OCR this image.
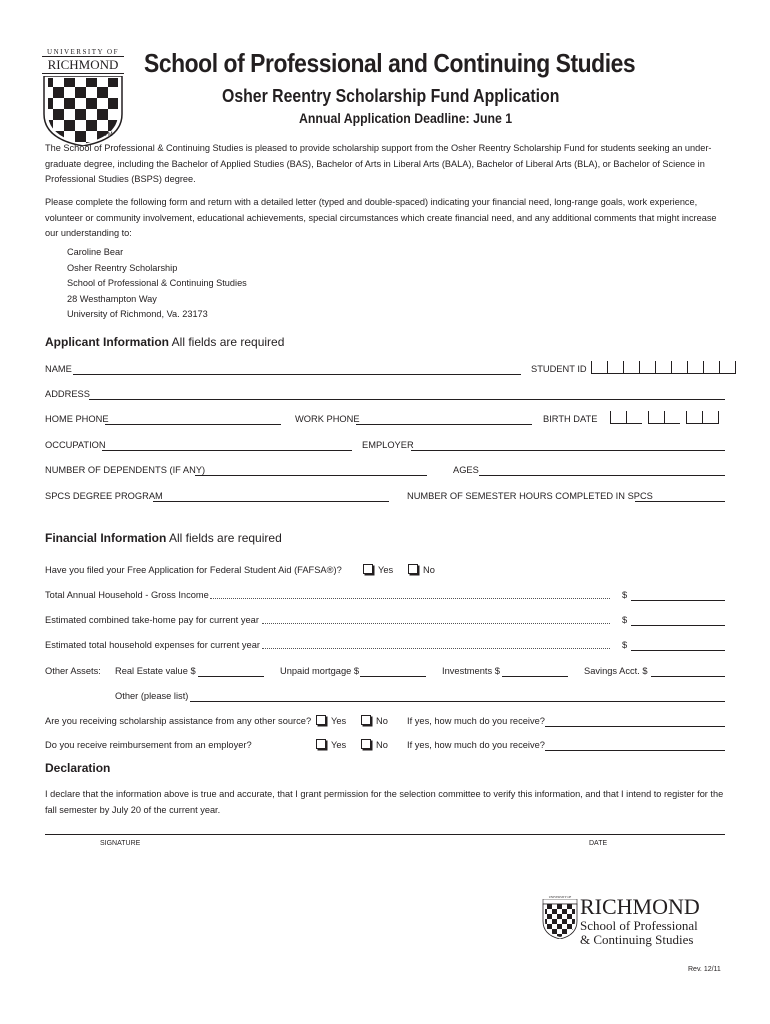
UNIVERSITY OF
RICHMOND
TM
School of Professional and Continuing Studies
Osher Reentry Scholarship Fund Application
Annual Application Deadline: June 1
The School of Professional & Continuing Studies is pleased to provide scholarship support from the Osher Reentry Scholarship Fund for students seeking an under-graduate degree, including the Bachelor of Applied Studies (BAS), Bachelor of Arts in Liberal Arts (BALA), Bachelor of Liberal Arts (BLA), or Bachelor of Science in Professional Studies (BSPS) degree.
Please complete the following form and return with a detailed letter (typed and double-spaced) indicating your financial need, long-range goals, work experience, volunteer or community involvement, educational achievements, special circumstances which create financial need, and any additional comments that might increase our understanding to:
Caroline Bear
Osher Reentry Scholarship
School of Professional & Continuing Studies
28 Westhampton Way
University of Richmond, Va. 23173
Applicant Information All fields are required
NAME	STUDENT ID
ADDRESS
HOME PHONE	WORK PHONE	BIRTH DATE
OCCUPATION	EMPLOYER
NUMBER OF DEPENDENTS (IF ANY)	AGES
SPCS DEGREE PROGRAM	NUMBER OF SEMESTER HOURS COMPLETED IN SPCS
Financial Information All fields are required
Have you filed your Free Application for Federal Student Aid (FAFSA®)?	Yes	No
Total Annual Household - Gross Income	$
Estimated combined take-home pay for current year	$
Estimated total household expenses for current year	$
Other Assets: Real Estate value $	Unpaid mortgage $	Investments $	Savings Acct. $
Other (please list)
Are you receiving scholarship assistance from any other source?	Yes	No If yes, how much do you receive?
Do you receive reimbursement from an employer?	Yes	No If yes, how much do you receive?
Declaration
I declare that the information above is true and accurate, that I grant permission for the selection committee to verify this information, and that I intend to register for the fall semester by July 20 of the current year.
SIGNATURE	DATE
UNIVERSITY OF RICHMOND
School of Professional
& Continuing Studies
Rev. 12/11
